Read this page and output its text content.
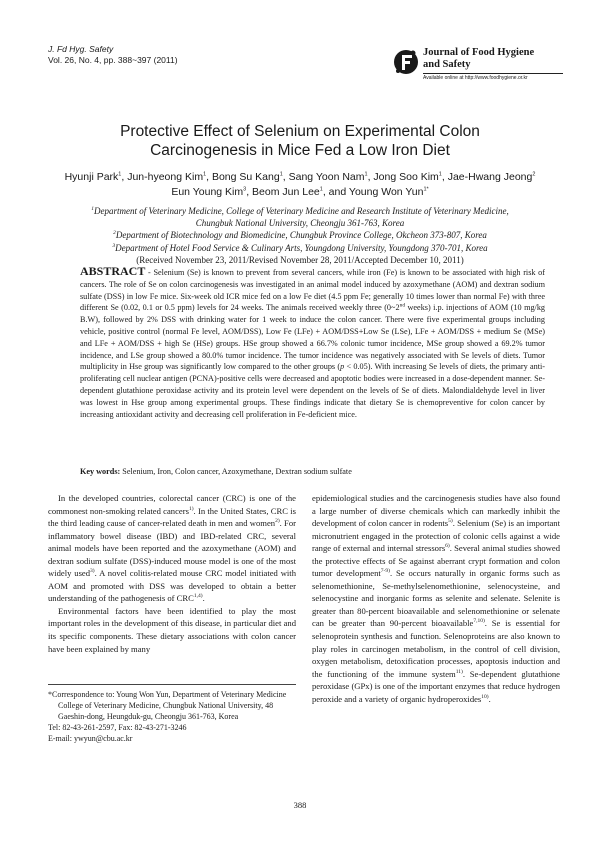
J. Fd Hyg. Safety
Vol. 26, No. 4, pp. 388~397 (2011)
Journal of Food Hygiene
and Safety
Available online at http://www.foodhygiene.or.kr
Protective Effect of Selenium on Experimental Colon
Carcinogenesis in Mice Fed a Low Iron Diet
Hyunji Park$^1$, Jun-hyeong Kim$^1$, Bong Su Kang$^1$, Sang Yoon Nam$^1$, Jong Soo Kim$^1$, Jae-Hwang Jeong$^2$
Eun Young Kim$^3$, Beom Jun Lee$^1$, and Young Won Yun$^{1*}$
$^1$Department of Veterinary Medicine, College of Veterinary Medicine and Research Institute of Veterinary Medicine,
Chungbuk National University, Cheongju 361-763, Korea
$^2$Department of Biotechnology and Biomedicine, Chungbuk Province College, Okcheon 373-807, Korea
$^3$Department of Hotel Food Service & Culinary Arts, Youngdong University, Youngdong 370-701, Korea
(Received November 23, 2011/Revised November 28, 2011/Accepted December 10, 2011)
ABSTRACT - Selenium (Se) is known to prevent from several cancers, while iron (Fe) is known to be associated with high risk of cancers. The role of Se on colon carcinogenesis was investigated in an animal model induced by azoxymethane (AOM) and dextran sodium sulfate (DSS) in low Fe mice. Six-week old ICR mice fed on a low Fe diet (4.5 ppm Fe; generally 10 times lower than normal Fe) with three different Se (0.02, 0.1 or 0.5 ppm) levels for 24 weeks. The animals received weekly three (0~2nd weeks) i.p. injections of AOM (10 mg/kg B.W), followed by 2% DSS with drinking water for 1 week to induce the colon cancer. There were five experimental groups including vehicle, positive control (normal Fe level, AOM/DSS), Low Fe (LFe) + AOM/DSS+Low Se (LSe), LFe + AOM/DSS + medium Se (MSe) and LFe + AOM/DSS + high Se (HSe) groups. HSe group showed a 66.7% colonic tumor incidence, MSe group showed a 69.2% tumor incidence, and LSe group showed a 80.0% tumor incidence. The tumor incidence was negatively associated with Se levels of diets. Tumor multiplicity in Hse group was significantly low compared to the other groups (p < 0.05). With increasing Se levels of diets, the primary anti-proliferating cell nuclear antigen (PCNA)-positive cells were decreased and apoptotic bodies were increased in a dose-dependent manner. Se-dependent glutathione peroxidase activity and its protein level were dependent on the levels of Se of diets. Malondialdehyde level in liver was lowest in Hse group among experimental groups. These findings indicate that dietary Se is chemopreventive for colon cancer by increasing antioxidant activity and decreasing cell proliferation in Fe-deficient mice.
Key words: Selenium, Iron, Colon cancer, Azoxymethane, Dextran sodium sulfate

In the developed countries, colorectal cancer (CRC) is one of the commonest non-smoking related cancers$^{1)}$. In the United States, CRC is the third leading cause of cancer-related death in men and women$^{2)}$. For inflammatory bowel disease (IBD) and IBD-related CRC, several animal models have been reported and the azoxymethane (AOM) and dextran sodium sulfate (DSS)-induced mouse model is one of the most widely used$^{3)}$. A novel colitis-related mouse CRC model initiated with AOM and promoted with DSS was developed to obtain a better understanding of the pathogenesis of CRC$^{1,4)}$.

Environmental factors have been identified to play the most important roles in the development of this disease, in particular diet and its specific components. These dietary associations with colon cancer have been explained by many

*Correspondence to: Young Won Yun, Department of Veterinary Medicine College of Veterinary Medicine, Chungbuk National University, 48 Gaeshin-dong, Heungduk-gu, Cheongju 361-763, Korea
Tel: 82-43-261-2597, Fax: 82-43-271-3246
E-mail: ywyun@cbu.ac.kr

epidemiological studies and the carcinogenesis studies have also found a large number of diverse chemicals which can markedly inhibit the development of colon cancer in rodents$^{5)}$. Selenium (Se) is an important micronutrient engaged in the protection of colonic cells against a wide range of external and internal stressors$^{6)}$. Several animal studies showed the protective effects of Se against aberrant crypt formation and colon tumor development$^{7-9)}$. Se occurs naturally in organic forms such as selenomethionine, Se-methylselenomethionine, selenocysteine, and selenocystine and inorganic forms as selenite and selenate. Selenite is greater than 80-percent bioavailable and selenomethionine or selenate can be greater than 90-percent bioavailable$^{7,10)}$. Se is essential for selenoprotein synthesis and function. Selenoproteins are also known to play roles in carcinogen metabolism, in the control of cell division, oxygen metabolism, detoxification processes, apoptosis induction and the functioning of the immune system$^{11)}$. Se-dependent glutathione peroxidase (GPx) is one of the important enzymes that reduce hydrogen peroxide and a variety of organic hydroperoxides$^{10)}$.

388
